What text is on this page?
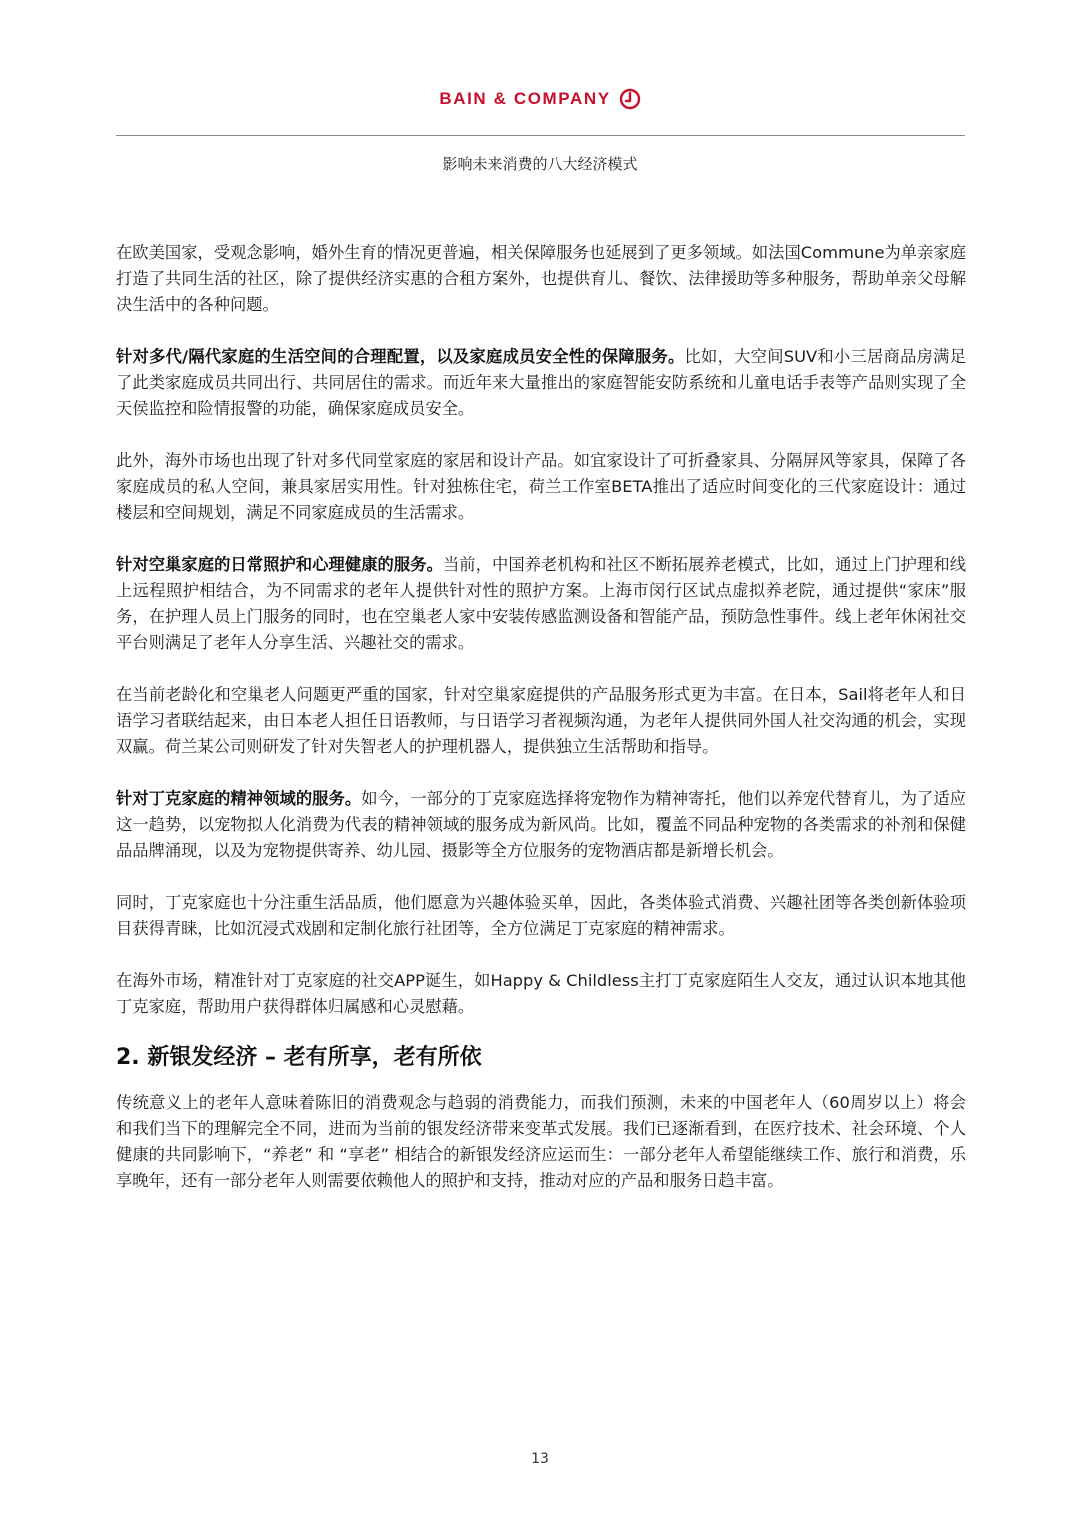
BAIN & COMPANY
影响未来消费的八大经济模式

在欧美国家，受观念影响，婚外生育的情况更普遍，相关保障服务也延展到了更多领域。如法国Commune为单亲家庭打造了共同生活的社区，除了提供经济实惠的合租方案外，也提供育儿、餐饮、法律援助等多种服务，帮助单亲父母解决生活中的各种问题。

针对多代/隔代家庭的生活空间的合理配置，以及家庭成员安全性的保障服务。比如，大空间SUV和小三居商品房满足了此类家庭成员共同出行、共同居住的需求。而近年来大量推出的家庭智能安防系统和儿童电话手表等产品则实现了全天侯监控和险情报警的功能，确保家庭成员安全。

此外，海外市场也出现了针对多代同堂家庭的家居和设计产品。如宜家设计了可折叠家具、分隔屏风等家具，保障了各家庭成员的私人空间，兼具家居实用性。针对独栋住宅，荷兰工作室BETA推出了适应时间变化的三代家庭设计：通过楼层和空间规划，满足不同家庭成员的生活需求。

针对空巢家庭的日常照护和心理健康的服务。当前，中国养老机构和社区不断拓展养老模式，比如，通过上门护理和线上远程照护相结合，为不同需求的老年人提供针对性的照护方案。上海市闵行区试点虚拟养老院，通过提供“家床”服务，在护理人员上门服务的同时，也在空巢老人家中安装传感监测设备和智能产品，预防急性事件。线上老年休闲社交平台则满足了老年人分享生活、兴趣社交的需求。

在当前老龄化和空巢老人问题更严重的国家，针对空巢家庭提供的产品服务形式更为丰富。在日本，Sail将老年人和日语学习者联结起来，由日本老人担任日语教师，与日语学习者视频沟通，为老年人提供同外国人社交沟通的机会，实现双赢。荷兰某公司则研发了针对失智老人的护理机器人，提供独立生活帮助和指导。

针对丁克家庭的精神领域的服务。如今，一部分的丁克家庭选择将宠物作为精神寄托，他们以养宠代替育儿，为了适应这一趋势，以宠物拟人化消费为代表的精神领域的服务成为新风尚。比如，覆盖不同品种宠物的各类需求的补剂和保健品品牌涌现，以及为宠物提供寄养、幼儿园、摄影等全方位服务的宠物酒店都是新增长机会。

同时，丁克家庭也十分注重生活品质，他们愿意为兴趣体验买单，因此，各类体验式消费、兴趣社团等各类创新体验项目获得青睐，比如沉浸式戏剧和定制化旅行社团等，全方位满足丁克家庭的精神需求。

在海外市场，精准针对丁克家庭的社交APP诞生，如Happy & Childless主打丁克家庭陌生人交友，通过认识本地其他丁克家庭，帮助用户获得群体归属感和心灵慰藉。

2. 新银发经济 – 老有所享，老有所依

传统意义上的老年人意味着陈旧的消费观念与趋弱的消费能力，而我们预测，未来的中国老年人（60周岁以上）将会和我们当下的理解完全不同，进而为当前的银发经济带来变革式发展。我们已逐渐看到，在医疗技术、社会环境、个人健康的共同影响下，“养老” 和 “享老” 相结合的新银发经济应运而生：一部分老年人希望能继续工作、旅行和消费，乐享晚年，还有一部分老年人则需要依赖他人的照护和支持，推动对应的产品和服务日趋丰富。

13
